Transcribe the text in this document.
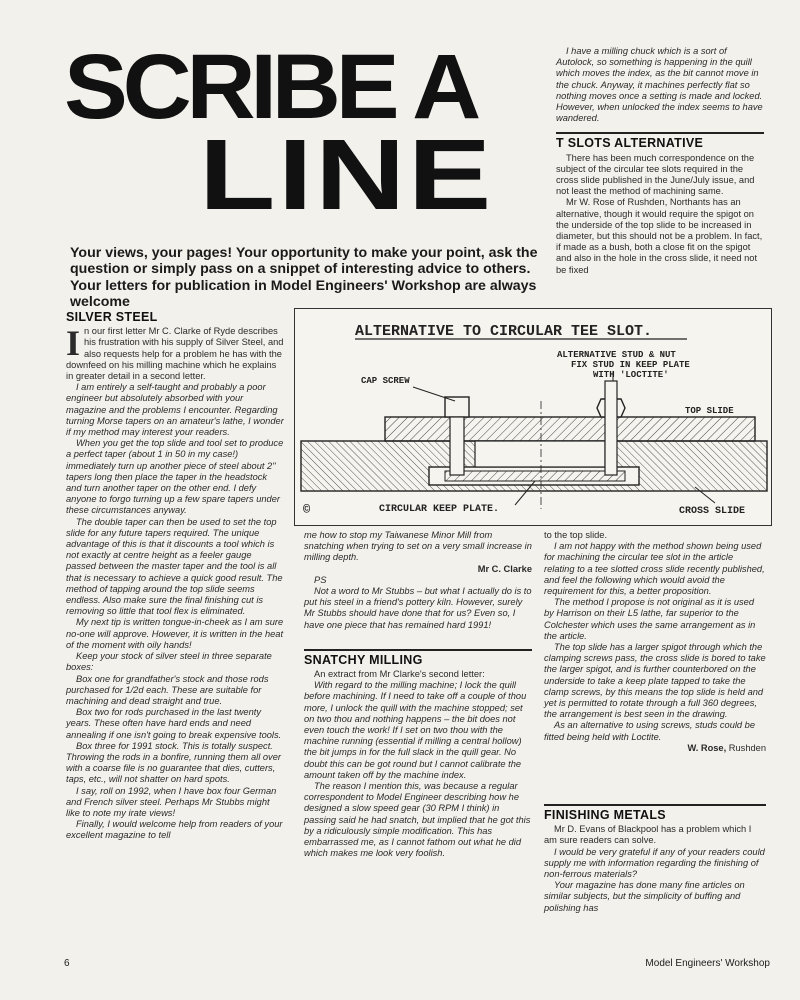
SCRIBE A
LINE
Your views, your pages! Your opportunity to make your point, ask the question or simply pass on a snippet of interesting advice to others. Your letters for publication in Model Engineers' Workshop are always welcome

I have a milling chuck which is a sort of Autolock, so something is happening in the quill which moves the index, as the bit cannot move in the chuck. Anyway, it machines perfectly flat so nothing moves once a setting is made and locked. However, when unlocked the index seems to have wandered.

T SLOTS ALTERNATIVE

There has been much correspondence on the subject of the circular tee slots required in the cross slide published in the June/July issue, and not least the method of machining same.

Mr W. Rose of Rushden, Northants has an alternative, though it would require the spigot on the underside of the top slide to be increased in diameter, but this should not be a problem. In fact, if made as a bush, both a close fit on the spigot and also in the hole in the cross slide, it need not be fixed

ALTERNATIVE TO CIRCULAR TEE SLOT.
ALTERNATIVE STUD & NUT
FIX STUD IN KEEP PLATE
WITH 'LOCTITE'
CAP SCREW
TOP SLIDE
©	CIRCULAR KEEP PLATE.	CROSS SLIDE
SILVER STEEL

In our first letter Mr C. Clarke of Ryde describes his frustration with his supply of Silver Steel, and also requests help for a problem he has with the downfeed on his milling machine which he explains in greater detail in a second letter.

I am entirely a self-taught and probably a poor engineer but absolutely absorbed with your magazine and the problems I encounter. Regarding turning Morse tapers on an amateur's lathe, I wonder if my method may interest your readers.

When you get the top slide and tool set to produce a perfect taper (about 1 in 50 in my case!) immediately turn up another piece of steel about 2" tapers long then place the taper in the headstock and turn another taper on the other end. I defy anyone to forgo turning up a few spare tapers under these circumstances anyway.

The double taper can then be used to set the top slide for any future tapers required. The unique advantage of this is that it discounts a tool which is not exactly at centre height as a feeler gauge passed between the master taper and the tool is all that is necessary to achieve a quick good result. The method of tapping around the top slide seems endless. Also make sure the final finishing cut is removing so little that tool flex is eliminated.

My next tip is written tongue-in-cheek as I am sure no-one will approve. However, it is written in the heat of the moment with oily hands!

Keep your stock of silver steel in three separate boxes:

Box one for grandfather's stock and those rods purchased for 1/2d each. These are suitable for machining and dead straight and true.

Box two for rods purchased in the last twenty years. These often have hard ends and need annealing if one isn't going to break expensive tools.

Box three for 1991 stock. This is totally suspect. Throwing the rods in a bonfire, running them all over with a coarse file is no guarantee that dies, cutters, taps, etc., will not shatter on hard spots.

I say, roll on 1992, when I have box four German and French silver steel. Perhaps Mr Stubbs might like to note my irate views!

Finally, I would welcome help from readers of your excellent magazine to tell

me how to stop my Taiwanese Minor Mill from snatching when trying to set on a very small increase in milling depth.

Mr C. Clarke

PS

Not a word to Mr Stubbs – but what I actually do is to put his steel in a friend's pottery kiln. However, surely Mr Stubbs should have done that for us? Even so, I have one piece that has remained hard 1991!

SNATCHY MILLING

An extract from Mr Clarke's second letter:

With regard to the milling machine; I lock the quill before machining. If I need to take off a couple of thou more, I unlock the quill with the machine stopped; set on two thou and nothing happens – the bit does not even touch the work! If I set on two thou with the machine running (essential if milling a central hollow) the bit jumps in for the full slack in the quill gear. No doubt this can be got round but I cannot calibrate the amount taken off by the machine index.

The reason I mention this, was because a regular correspondent to Model Engineer describing how he designed a slow speed gear (30 RPM I think) in passing said he had snatch, but implied that he got this by a ridiculously simple modification. This has embarrassed me, as I cannot fathom out what he did which makes me look very foolish.

to the top slide.

I am not happy with the method shown being used for machining the circular tee slot in the article relating to a tee slotted cross slide recently published, and feel the following which would avoid the requirement for this, a better proposition.

The method I propose is not original as it is used by Harrison on their L5 lathe, far superior to the Colchester which uses the same arrangement as in the article.

The top slide has a larger spigot through which the clamping screws pass, the cross slide is bored to take the larger spigot, and is further counterbored on the underside to take a keep plate tapped to take the clamp screws, by this means the top slide is held and yet is permitted to rotate through a full 360 degrees, the arrangement is best seen in the drawing.

As an alternative to using screws, studs could be fitted being held with Loctite.

W. Rose, Rushden

FINISHING METALS

Mr D. Evans of Blackpool has a problem which I am sure readers can solve.

I would be very grateful if any of your readers could supply me with information regarding the finishing of non-ferrous materials?

Your magazine has done many fine articles on similar subjects, but the simplicity of buffing and polishing has

6	Model Engineers' Workshop
